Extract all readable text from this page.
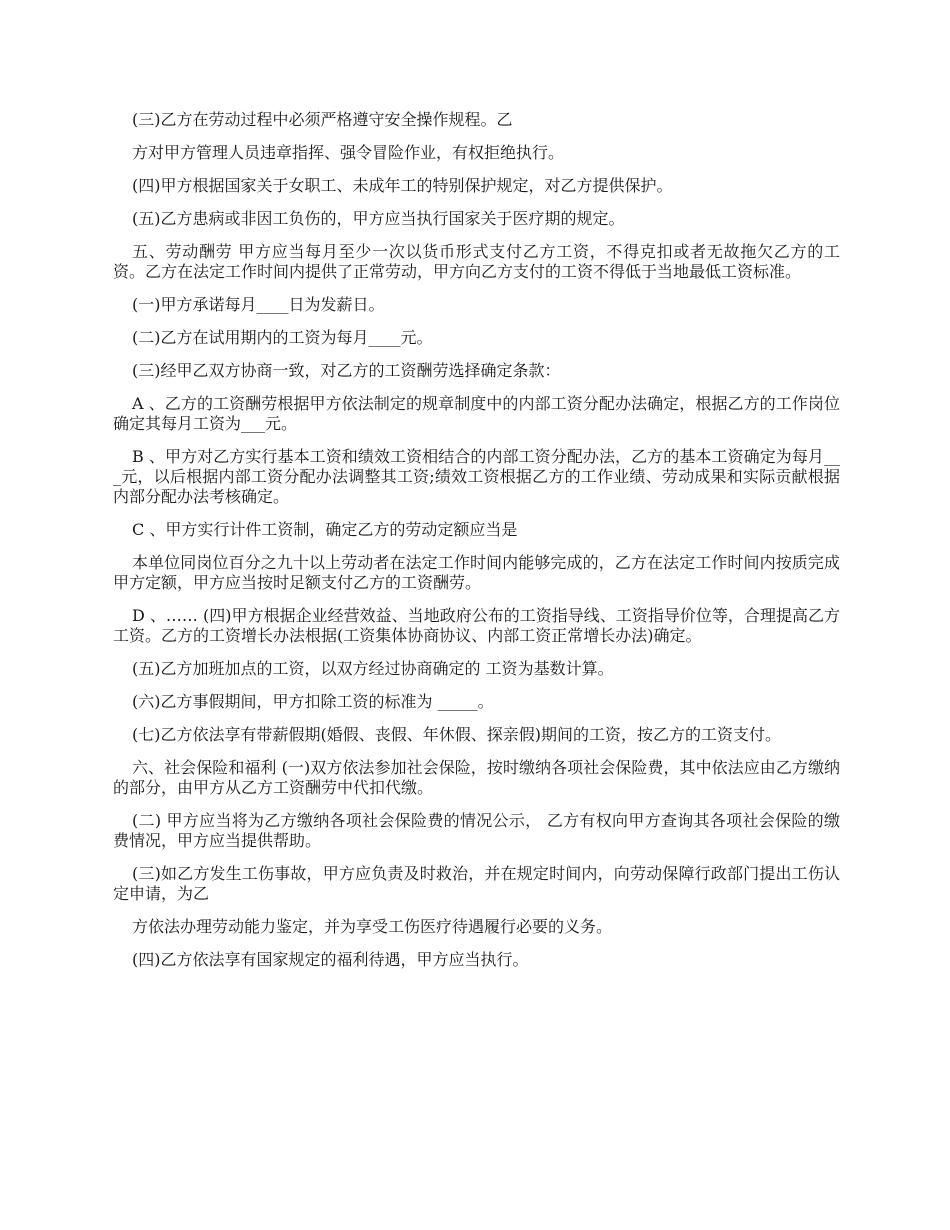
(三)乙方在劳动过程中必须严格遵守安全操作规程。乙

方对甲方管理人员违章指挥、强令冒险作业，有权拒绝执行。

(四)甲方根据国家关于女职工、未成年工的特别保护规定，对乙方提供保护。

(五)乙方患病或非因工负伤的，甲方应当执行国家关于医疗期的规定。

五、劳动酬劳 甲方应当每月至少一次以货币形式支付乙方工资，不得克扣或者无故拖欠乙方的工资。乙方在法定工作时间内提供了正常劳动，甲方向乙方支付的工资不得低于当地最低工资标准。

(一)甲方承诺每月____日为发薪日。

(二)乙方在试用期内的工资为每月____元。

(三)经甲乙双方协商一致，对乙方的工资酬劳选择确定条款：

A 、乙方的工资酬劳根据甲方依法制定的规章制度中的内部工资分配办法确定，根据乙方的工作岗位确定其每月工资为___元。

B 、甲方对乙方实行基本工资和绩效工资相结合的内部工资分配办法，乙方的基本工资确定为每月___元，以后根据内部工资分配办法调整其工资;绩效工资根据乙方的工作业绩、劳动成果和实际贡献根据内部分配办法考核确定。

C 、甲方实行计件工资制，确定乙方的劳动定额应当是

本单位同岗位百分之九十以上劳动者在法定工作时间内能够完成的，乙方在法定工作时间内按质完成甲方定额，甲方应当按时足额支付乙方的工资酬劳。

D 、…… (四)甲方根据企业经营效益、当地政府公布的工资指导线、工资指导价位等，合理提高乙方工资。乙方的工资增长办法根据(工资集体协商协议、内部工资正常增长办法)确定。

(五)乙方加班加点的工资，以双方经过协商确定的 工资为基数计算。

(六)乙方事假期间，甲方扣除工资的标准为 _____。

(七)乙方依法享有带薪假期(婚假、丧假、年休假、探亲假)期间的工资，按乙方的工资支付。

六、社会保险和福利 (一)双方依法参加社会保险，按时缴纳各项社会保险费，其中依法应由乙方缴纳的部分，由甲方从乙方工资酬劳中代扣代缴。

(二) 甲方应当将为乙方缴纳各项社会保险费的情况公示， 乙方有权向甲方查询其各项社会保险的缴费情况，甲方应当提供帮助。

(三)如乙方发生工伤事故，甲方应负责及时救治，并在规定时间内，向劳动保障行政部门提出工伤认定申请，为乙

方依法办理劳动能力鉴定，并为享受工伤医疗待遇履行必要的义务。

(四)乙方依法享有国家规定的福利待遇，甲方应当执行。
